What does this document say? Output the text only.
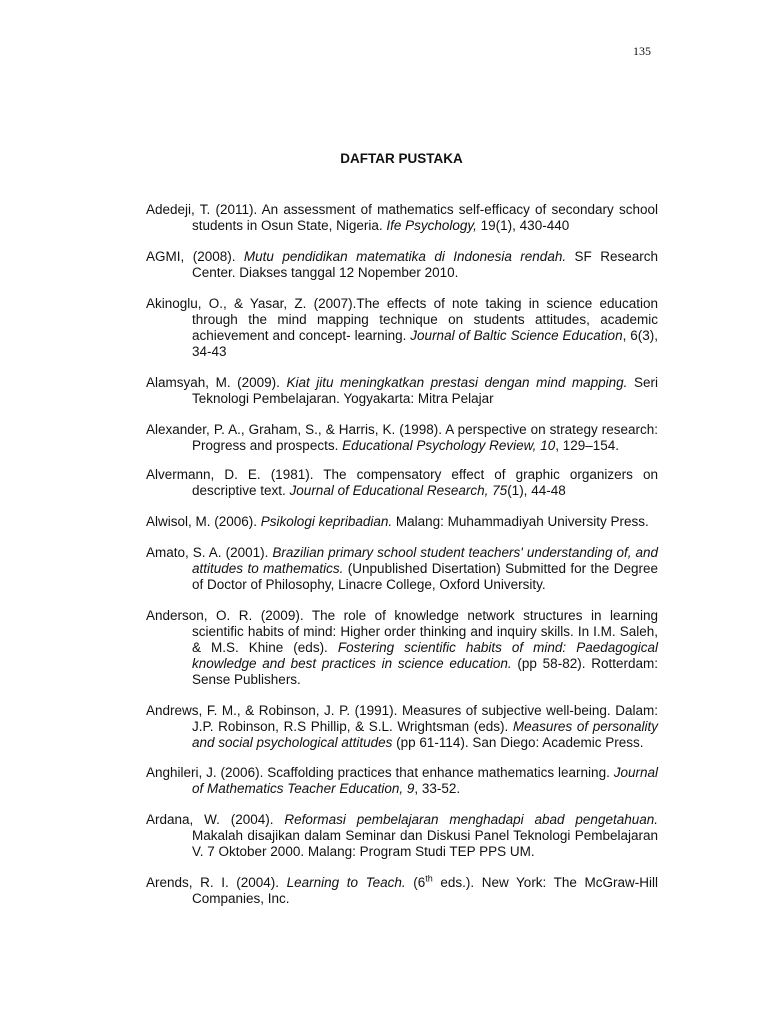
135
DAFTAR PUSTAKA

Adedeji, T. (2011). An assessment of mathematics self-efficacy of secondary school students in Osun State, Nigeria. Ife Psychology, 19(1), 430-440

AGMI, (2008). Mutu pendidikan matematika di Indonesia rendah. SF Research Center. Diakses tanggal 12 Nopember 2010.

Akinoglu, O., & Yasar, Z. (2007).The effects of note taking in science education through the mind mapping technique on students attitudes, academic achievement and concept- learning. Journal of Baltic Science Education, 6(3), 34-43

Alamsyah, M. (2009). Kiat jitu meningkatkan prestasi dengan mind mapping. Seri Teknologi Pembelajaran. Yogyakarta: Mitra Pelajar

Alexander, P. A., Graham, S., & Harris, K. (1998). A perspective on strategy research: Progress and prospects. Educational Psychology Review, 10, 129–154.

Alvermann, D. E. (1981). The compensatory effect of graphic organizers on descriptive text. Journal of Educational Research, 75(1), 44-48

Alwisol, M. (2006). Psikologi kepribadian. Malang: Muhammadiyah University Press.

Amato, S. A. (2001). Brazilian primary school student teachers' understanding of, and attitudes to mathematics. (Unpublished Disertation) Submitted for the Degree of Doctor of Philosophy, Linacre College, Oxford University.

Anderson, O. R. (2009). The role of knowledge network structures in learning scientific habits of mind: Higher order thinking and inquiry skills. In I.M. Saleh, & M.S. Khine (eds). Fostering scientific habits of mind: Paedagogical knowledge and best practices in science education. (pp 58-82). Rotterdam: Sense Publishers.

Andrews, F. M., & Robinson, J. P. (1991). Measures of subjective well-being. Dalam: J.P. Robinson, R.S Phillip, & S.L. Wrightsman (eds). Measures of personality and social psychological attitudes (pp 61-114). San Diego: Academic Press.

Anghileri, J. (2006). Scaffolding practices that enhance mathematics learning. Journal of Mathematics Teacher Education, 9, 33-52.

Ardana, W. (2004). Reformasi pembelajaran menghadapi abad pengetahuan. Makalah disajikan dalam Seminar dan Diskusi Panel Teknologi Pembelajaran V. 7 Oktober 2000. Malang: Program Studi TEP PPS UM.

Arends, R. I. (2004). Learning to Teach. (6th eds.). New York: The McGraw-Hill Companies, Inc.
